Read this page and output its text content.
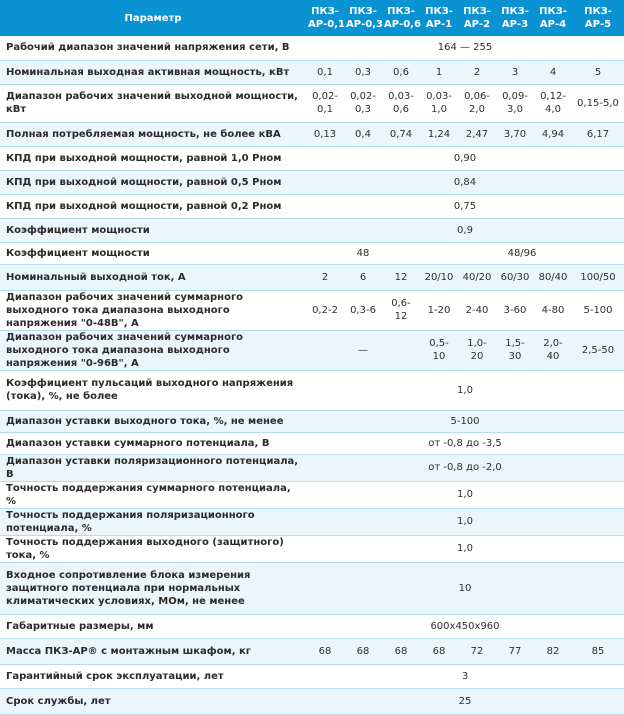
Параметр	ПКЗ-АР-0,1	ПКЗ-АР-0,3	ПКЗ-АР-0,6	ПКЗ-АР-1	ПКЗ-АР-2	ПКЗ-АР-3	ПКЗ-АР-4	ПКЗ-АР-5
Рабочий диапазон значений напряжения сети, В	164 — 255							
Номинальная выходная активная мощность, кВт	0,1	0,3	0,6	1	2	3	4	5
Диапазон рабочих значений выходной мощности, кВт	0,02-0,1	0,02-0,3	0,03-0,6	0,03-1,0	0,06-2,0	0,09-3,0	0,12-4,0	0,15-5,0
Полная потребляемая мощность, не более кВА	0,13	0,4	0,74	1,24	2,47	3,70	4,94	6,17
КПД при выходной мощности, равной 1,0 Рном	0,90							
КПД при выходной мощности, равной 0,5 Рном	0,84							
КПД при выходной мощности, равной 0,2 Рном	0,75							
Коэффициент мощности	0,9							
Коэффициент мощности	48			48/96				
Номинальный выходной ток, А	2	6	12	20/10	40/20	60/30	80/40	100/50
Диапазон рабочих значений суммарного выходного тока диапазона выходного напряжения "0-48В", А	0,2-2	0,3-6	0,6-12	1-20	2-40	3-60	4-80	5-100
Диапазон рабочих значений суммарного выходного тока диапазона выходного напряжения "0-96В", А	—			0,5-10	1,0-20	1,5-30	2,0-40	2,5-50
Коэффициент пульсаций выходного напряжения (тока), %, не более	1,0							
Диапазон уставки выходного тока, %, не менее	5-100							
Диапазон уставки суммарного потенциала, В	от -0,8 до -3,5							
Диапазон уставки поляризационного потенциала, В	от -0,8 до -2,0							
Точность поддержания суммарного потенциала, %	1,0							
Точность поддержания поляризационного потенциала, %	1,0							
Точность поддержания выходного (защитного) тока, %	1,0							
Входное сопротивление блока измерения защитного потенциала при нормальных климатических условиях, МОм, не менее	10							
Габаритные размеры, мм	600х450х960							
Масса ПКЗ-АР® с монтажным шкафом, кг	68	68	68	68	72	77	82	85
Гарантийный срок эксплуатации, лет	3							
Срок службы, лет	25							
